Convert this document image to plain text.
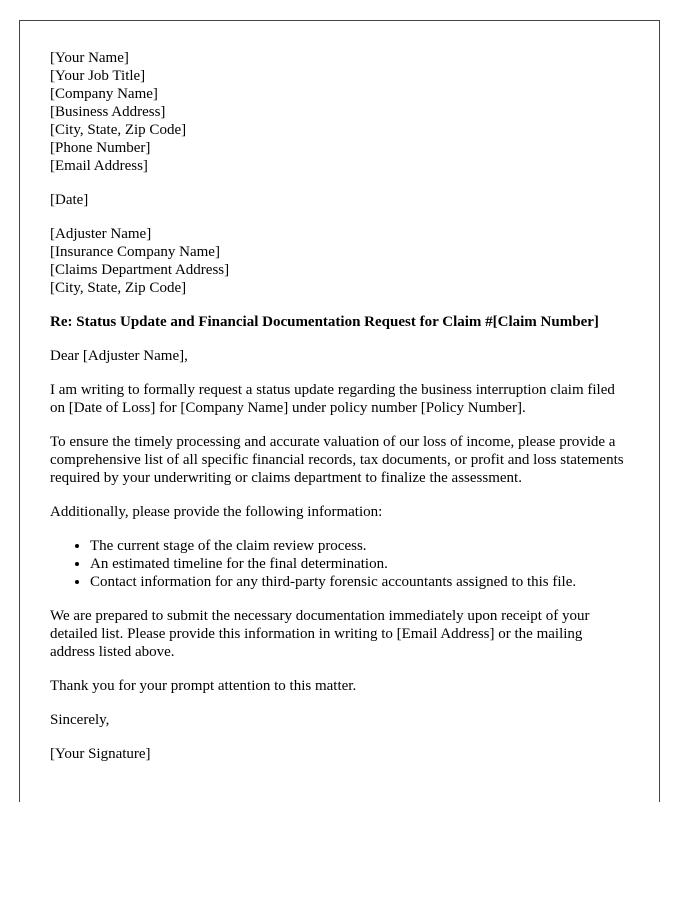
[Your Name]
[Your Job Title]
[Company Name]
[Business Address]
[City, State, Zip Code]
[Phone Number]
[Email Address]
[Date]
[Adjuster Name]
[Insurance Company Name]
[Claims Department Address]
[City, State, Zip Code]

Re: Status Update and Financial Documentation Request for Claim #[Claim Number]

Dear [Adjuster Name],

I am writing to formally request a status update regarding the business interruption claim filed on [Date of Loss] for [Company Name] under policy number [Policy Number].

To ensure the timely processing and accurate valuation of our loss of income, please provide a comprehensive list of all specific financial records, tax documents, or profit and loss statements required by your underwriting or claims department to finalize the assessment.

Additionally, please provide the following information:

• The current stage of the claim review process.
• An estimated timeline for the final determination.
• Contact information for any third-party forensic accountants assigned to this file.

We are prepared to submit the necessary documentation immediately upon receipt of your detailed list. Please provide this information in writing to [Email Address] or the mailing address listed above.

Thank you for your prompt attention to this matter.

Sincerely,

[Your Signature]
